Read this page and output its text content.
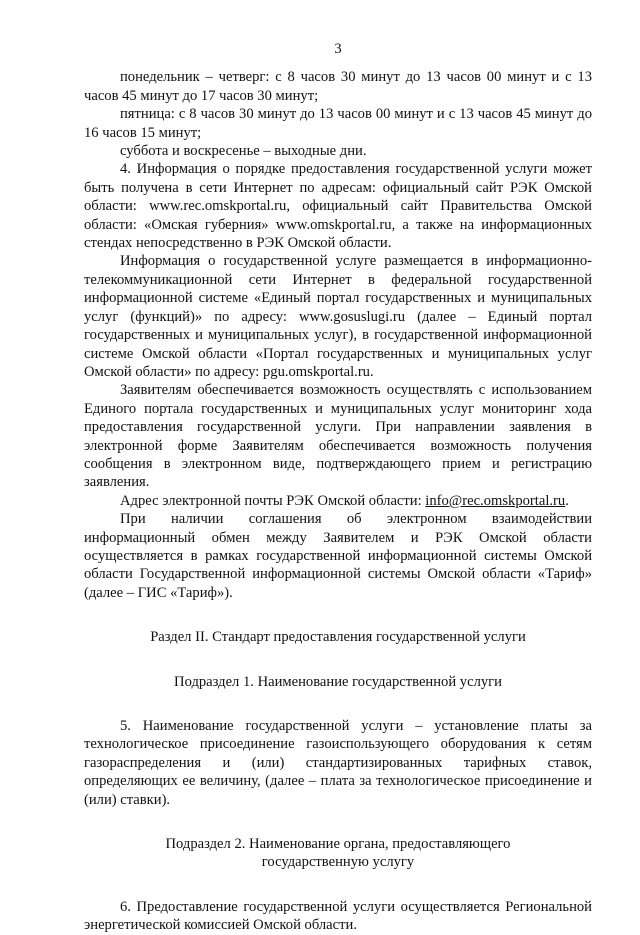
3

понедельник – четверг: с 8 часов 30 минут до 13 часов 00 минут и с 13 часов 45 минут до 17 часов 30 минут;

пятница: с 8 часов 30 минут до 13 часов 00 минут и с 13 часов 45 минут до 16 часов 15 минут;

суббота и воскресенье – выходные дни.

4. Информация о порядке предоставления государственной услуги может быть получена в сети Интернет по адресам: официальный сайт РЭК Омской области: www.rec.omskportal.ru, официальный сайт Правительства Омской области: «Омская губерния» www.omskportal.ru, а также на информационных стендах непосредственно в РЭК Омской области.

Информация о государственной услуге размещается в информационно-телекоммуникационной сети Интернет в федеральной государственной информационной системе «Единый портал государственных и муниципальных услуг (функций)» по адресу: www.gosuslugi.ru (далее – Единый портал государственных и муниципальных услуг), в государственной информационной системе Омской области «Портал государственных и муниципальных услуг Омской области» по адресу: pgu.omskportal.ru.

Заявителям обеспечивается возможность осуществлять с использованием Единого портала государственных и муниципальных услуг мониторинг хода предоставления государственной услуги. При направлении заявления в электронной форме Заявителям обеспечивается возможность получения сообщения в электронном виде, подтверждающего прием и регистрацию заявления.

Адрес электронной почты РЭК Омской области: info@rec.omskportal.ru.

При наличии соглашения об электронном взаимодействии информационный обмен между Заявителем и РЭК Омской области осуществляется в рамках государственной информационной системы Омской области Государственной информационной системы Омской области «Тариф» (далее – ГИС «Тариф»).

Раздел II. Стандарт предоставления государственной услуги
Подраздел 1. Наименование государственной услуги

5. Наименование государственной услуги – установление платы за технологическое присоединение газоиспользующего оборудования к сетям газораспределения и (или) стандартизированных тарифных ставок, определяющих ее величину, (далее – плата за технологическое присоединение и (или) ставки).

Подраздел 2. Наименование органа, предоставляющего
государственную услугу

6. Предоставление государственной услуги осуществляется Региональной энергетической комиссией Омской области.
